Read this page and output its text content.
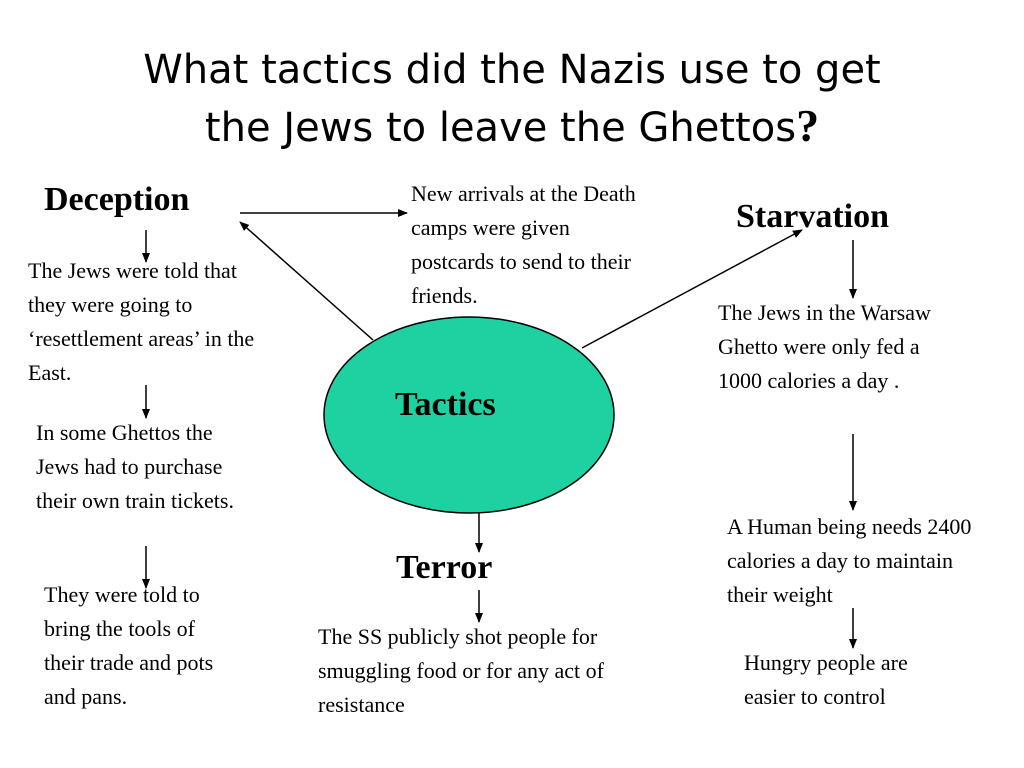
What tactics did the Nazis use to get
the Jews to leave the Ghettos?
Tactics
Deception
The Jews were told that they were going to ‘resettlement areas’ in the East.
In some Ghettos the Jews had to purchase their own train tickets.
They were told to bring the tools of their trade and pots and pans.
New arrivals at the Death camps were given postcards to send to their friends.
Starvation
The Jews in the Warsaw Ghetto were only fed a 1000 calories a day .
A Human being needs 2400 calories a day to maintain their weight
Hungry people are easier to control
Terror
The SS publicly shot people for smuggling food or for any act of resistance
